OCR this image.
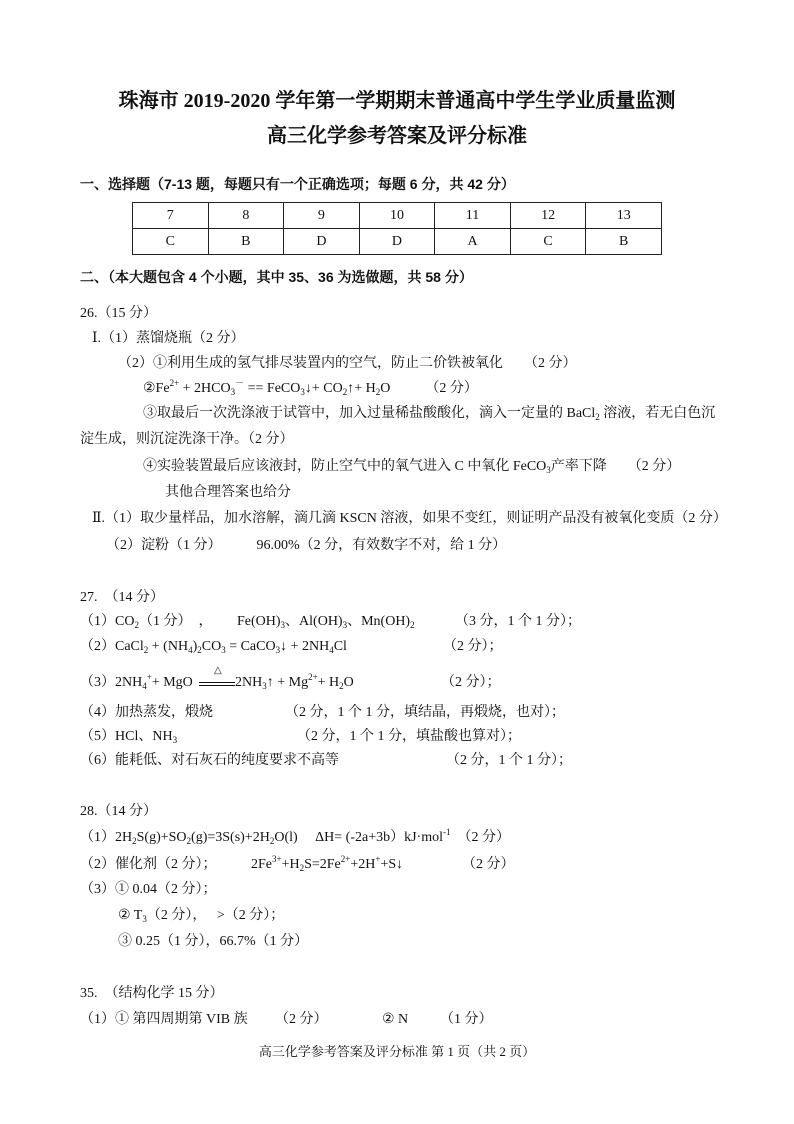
珠海市 2019-2020 学年第一学期期末普通高中学生学业质量监测
高三化学参考答案及评分标准
一、选择题（7-13 题，每题只有一个正确选项；每题 6 分，共 42 分）
7	8	9	10	11	12	13
C	B	D	D	A	C	B
二、（本大题包含 4 个小题，其中 35、36 为选做题，共 58 分）
26.（15 分）
Ⅰ.（1）蒸馏烧瓶（2 分）
（2）①利用生成的氢气排尽装置内的空气，防止二价铁被氧化　　（2 分）
$②Fe^{2+} + 2HCO_3^-$ == FeCO$_3$↓+ $CO_2↑+ H_2O$　　　（2 分）
③取最后一次洗涤液于试管中，加入过量稀盐酸酸化，滴入一定量的 BaCl$_2$ 溶液，若无白色沉
淀生成，则沉淀洗涤干净。（2 分）
④实验装置最后应该液封，防止空气中的氧气进入 C 中氧化 FeCO$_3$产率下降　　（2 分）
其他合理答案也给分
Ⅱ.（1）取少量样品，加水溶解，滴几滴 KSCN 溶液，如果不变红，则证明产品没有被氧化变质（2 分）
（2）淀粉（1 分）　　　96.00%（2 分，有效数字不对，给 1 分）
27.　（14 分）
$(1)CO_2(1$ 分）　， $Fe(OH)_3$、$Al(OH)_3$、$Mn(OH)_2$	（3 分，1 个 1 分）；
（2）CaCl$_2$ + $(NH_4)_2CO_3$ = CaCO$_3$↓ + $2NH_4Cl$	（2 分）；
$(3)2NH_4^++$ MgO
△
$2NH_3↑ + Mg^{2+}+ H_2O$	（2 分）；
（4）加热蒸发，煅烧	（2 分，1 个 1 分，填结晶，再煅烧，也对）；
（5）HCl、$NH_3$	（2 分，1 个 1 分，填盐酸也算对）；
（6）能耗低、对石灰石的纯度要求不高等	（2 分，1 个 1 分）；
28.（14 分）
$(1)2H_2S(g)+SO_2(g)=3S(s)+2H_2O(l)$　 ΔH= (-2a+3b）kJ·mol$^{-1}$　（2 分）
（2）催化剂（2 分）； $2Fe^{3+}+H_2S=2Fe^{2+}+2H^++S↓$	（2 分）
（3）① 0.04（2 分）；
② $T_3(2$ 分），　 >（2 分）；
③ 0.25（1 分），66.7%（1 分）
35.　（结构化学 15 分）
（1）① 第四周期第 VIB 族 （2 分）	② N （1 分）
高三化学参考答案及评分标准 第 1 页（共 2 页）
